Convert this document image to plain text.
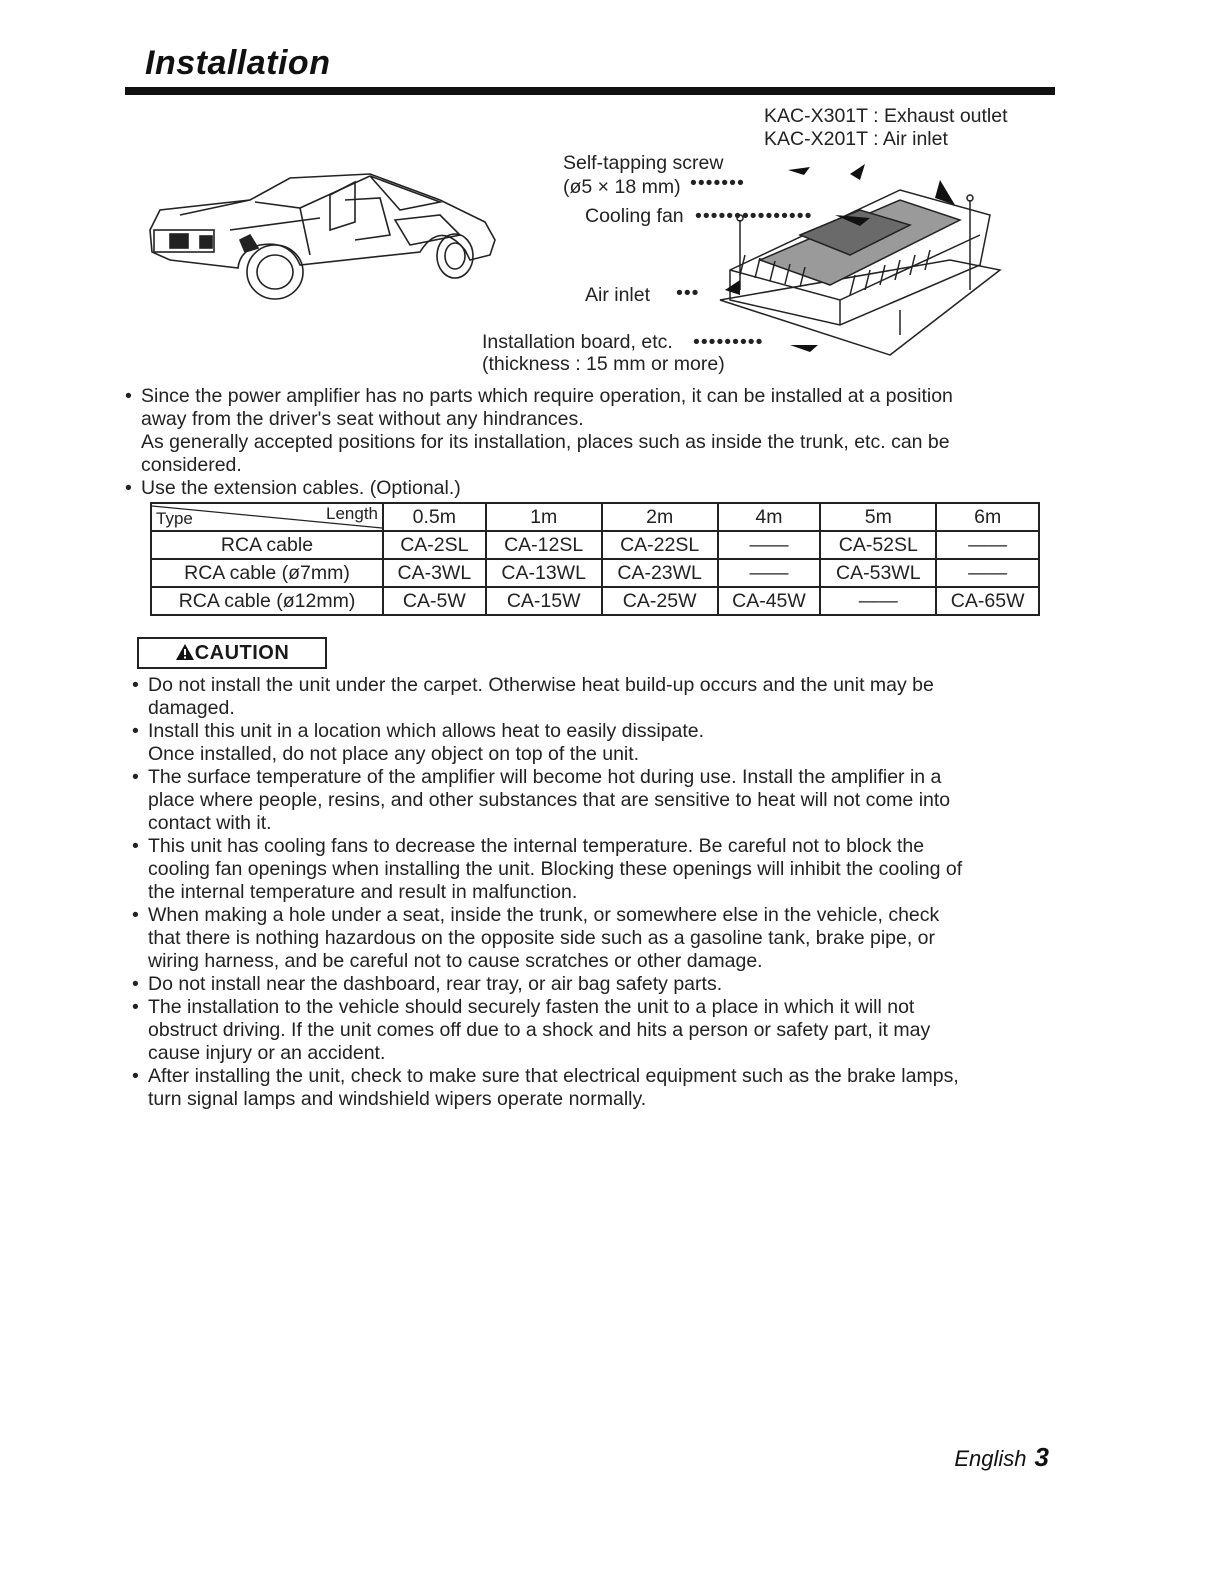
Installation
KAC-X301T : Exhaust outlet
KAC-X201T : Air inlet
Self-tapping screw
(ø5 × 18 mm) •••••••
Cooling fan •••••••••••••••
Air inlet •••
Installation board, etc. •••••••••
(thickness : 15 mm or more)
• Since the power amplifier has no parts which require operation, it can be installed at a position
away from the driver's seat without any hindrances.
As generally accepted positions for its installation, places such as inside the trunk, etc. can be
considered.
• Use the extension cables. (Optional.)
Type Length	0.5m	1m	2m	4m	5m	6m
RCA cable	CA-2SL	CA-12SL	CA-22SL	——	CA-52SL	——
RCA cable (ø7mm)	CA-3WL	CA-13WL	CA-23WL	——	CA-53WL	——
RCA cable (ø12mm)	CA-5W	CA-15W	CA-25W	CA-45W	——	CA-65W
CAUTION
• Do not install the unit under the carpet. Otherwise heat build-up occurs and the unit may be
damaged.
• Install this unit in a location which allows heat to easily dissipate.
Once installed, do not place any object on top of the unit.
• The surface temperature of the amplifier will become hot during use. Install the amplifier in a
place where people, resins, and other substances that are sensitive to heat will not come into
contact with it.
• This unit has cooling fans to decrease the internal temperature. Be careful not to block the
cooling fan openings when installing the unit. Blocking these openings will inhibit the cooling of
the internal temperature and result in malfunction.
• When making a hole under a seat, inside the trunk, or somewhere else in the vehicle, check
that there is nothing hazardous on the opposite side such as a gasoline tank, brake pipe, or
wiring harness, and be careful not to cause scratches or other damage.
• Do not install near the dashboard, rear tray, or air bag safety parts.
• The installation to the vehicle should securely fasten the unit to a place in which it will not
obstruct driving. If the unit comes off due to a shock and hits a person or safety part, it may
cause injury or an accident.
• After installing the unit, check to make sure that electrical equipment such as the brake lamps,
turn signal lamps and windshield wipers operate normally.
English 3
